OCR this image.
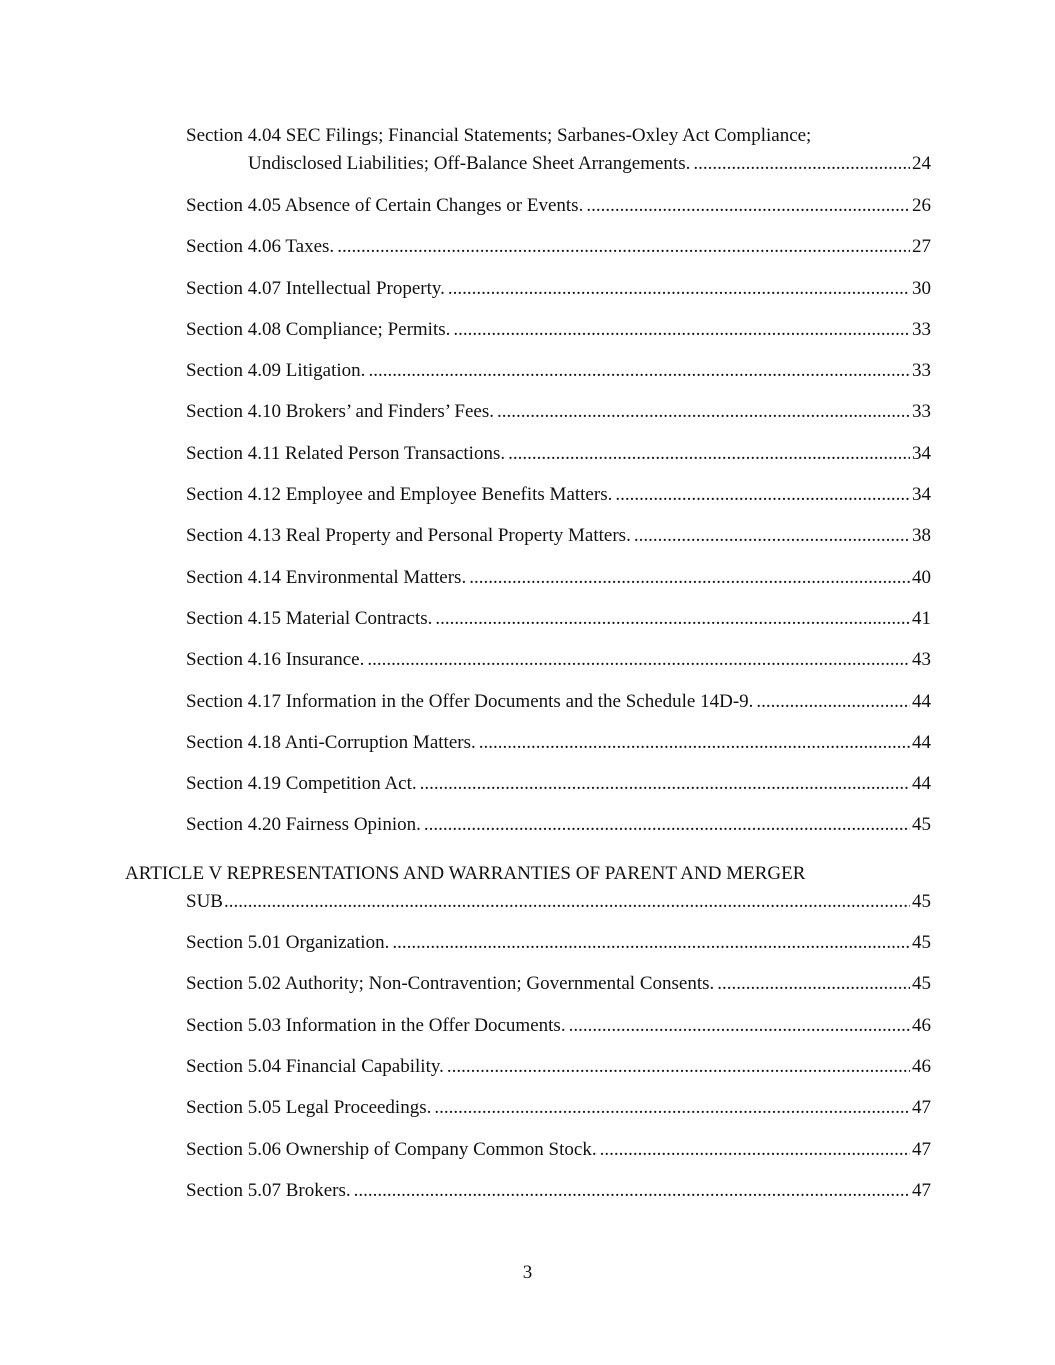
Section 4.04 SEC Filings; Financial Statements; Sarbanes-Oxley Act Compliance;
Undisclosed Liabilities; Off-Balance Sheet Arrangements. .....	24
Section 4.05 Absence of Certain Changes or Events. .....	26
Section 4.06 Taxes. .....	27
Section 4.07 Intellectual Property. .....	30
Section 4.08 Compliance; Permits. .....	33
Section 4.09 Litigation. .....	33
Section 4.10 Brokers’ and Finders’ Fees. .....	33
Section 4.11 Related Person Transactions. .....	34
Section 4.12 Employee and Employee Benefits Matters. .....	34
Section 4.13 Real Property and Personal Property Matters. .....	38
Section 4.14 Environmental Matters. .....	40
Section 4.15 Material Contracts. .....	41
Section 4.16 Insurance. .....	43
Section 4.17 Information in the Offer Documents and the Schedule 14D-9. .....	44
Section 4.18 Anti-Corruption Matters. .....	44
Section 4.19 Competition Act. .....	44
Section 4.20 Fairness Opinion. .....	45
ARTICLE V REPRESENTATIONS AND WARRANTIES OF PARENT AND MERGER
SUB .....	45
Section 5.01 Organization. .....	45
Section 5.02 Authority; Non-Contravention; Governmental Consents. .....	45
Section 5.03 Information in the Offer Documents. .....	46
Section 5.04 Financial Capability. .....	46
Section 5.05 Legal Proceedings. .....	47
Section 5.06 Ownership of Company Common Stock. .....	47
Section 5.07 Brokers. .....	47
3
